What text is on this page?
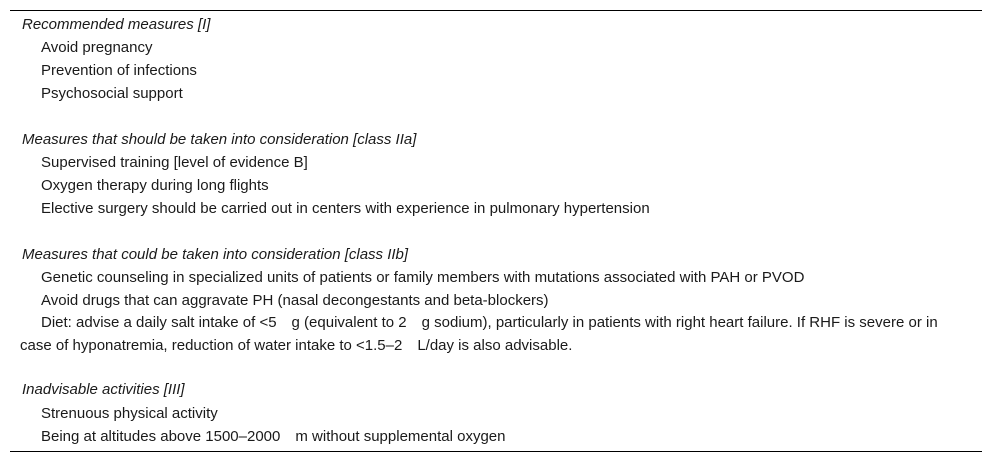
Recommended measures [I]
Avoid pregnancy
Prevention of infections
Psychosocial support
Measures that should be taken into consideration [class IIa]
Supervised training [level of evidence B]
Oxygen therapy during long flights
Elective surgery should be carried out in centers with experience in pulmonary hypertension
Measures that could be taken into consideration [class IIb]
Genetic counseling in specialized units of patients or family members with mutations associated with PAH or PVOD
Avoid drugs that can aggravate PH (nasal decongestants and beta-blockers)
Diet: advise a daily salt intake of <5 g (equivalent to 2 g sodium), particularly in patients with right heart failure. If RHF is severe or in case of hyponatremia, reduction of water intake to <1.5–2 L/day is also advisable.
Inadvisable activities [III]
Strenuous physical activity
Being at altitudes above 1500–2000 m without supplemental oxygen
